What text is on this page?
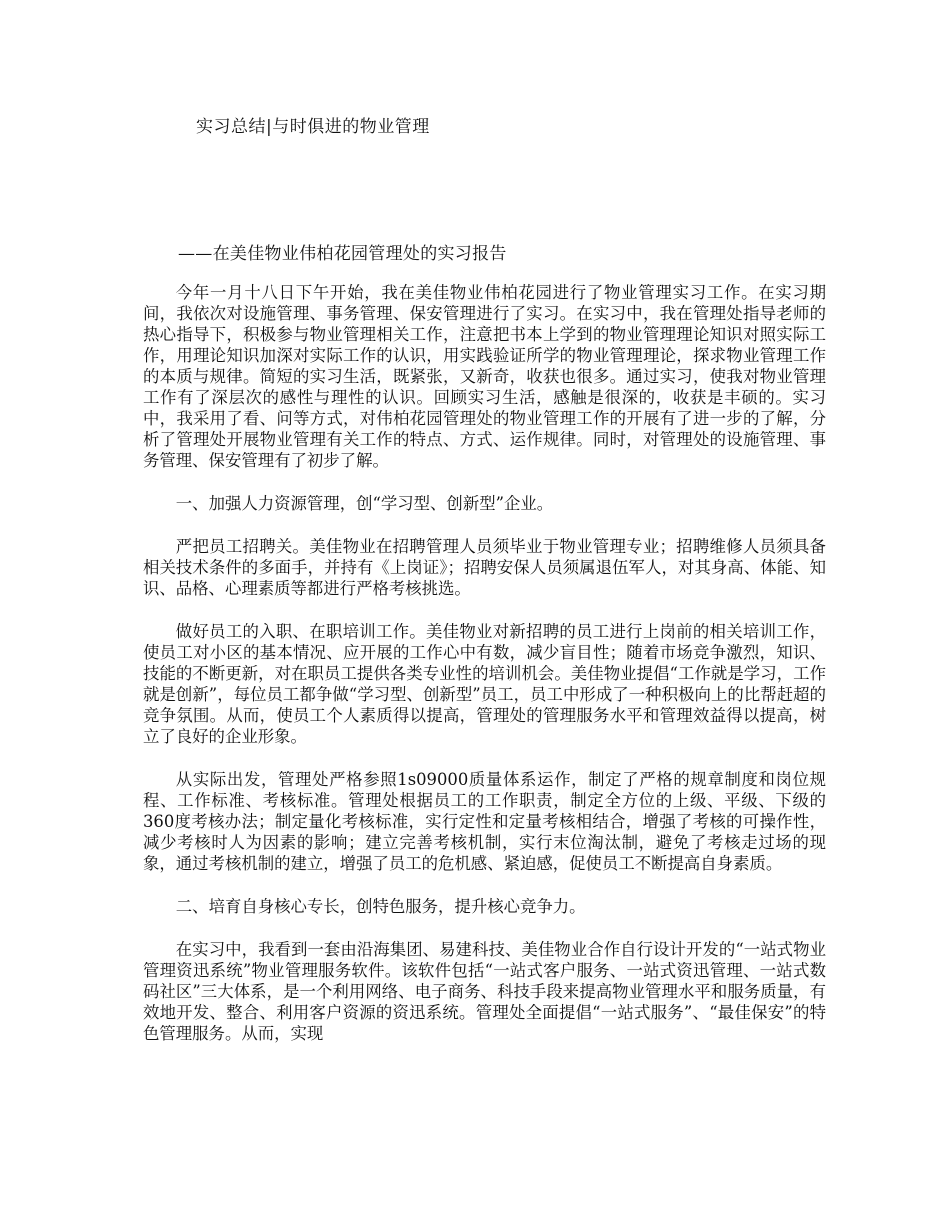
实习总结|与时俱进的物业管理
——在美佳物业伟柏花园管理处的实习报告

今年一月十八日下午开始，我在美佳物业伟柏花园进行了物业管理实习工作。在实习期间，我依次对设施管理、事务管理、保安管理进行了实习。在实习中，我在管理处指导老师的热心指导下，积极参与物业管理相关工作，注意把书本上学到的物业管理理论知识对照实际工作，用理论知识加深对实际工作的认识，用实践验证所学的物业管理理论，探求物业管理工作的本质与规律。简短的实习生活，既紧张，又新奇，收获也很多。通过实习，使我对物业管理工作有了深层次的感性与理性的认识。回顾实习生活，感触是很深的，收获是丰硕的。实习中，我采用了看、问等方式，对伟柏花园管理处的物业管理工作的开展有了进一步的了解，分析了管理处开展物业管理有关工作的特点、方式、运作规律。同时，对管理处的设施管理、事务管理、保安管理有了初步了解。

一、加强人力资源管理，创“学习型、创新型”企业。

严把员工招聘关。美佳物业在招聘管理人员须毕业于物业管理专业；招聘维修人员须具备相关技术条件的多面手，并持有《上岗证》；招聘安保人员须属退伍军人，对其身高、体能、知识、品格、心理素质等都进行严格考核挑选。

做好员工的入职、在职培训工作。美佳物业对新招聘的员工进行上岗前的相关培训工作，使员工对小区的基本情况、应开展的工作心中有数，减少盲目性；随着市场竞争激烈，知识、技能的不断更新，对在职员工提供各类专业性的培训机会。美佳物业提倡“工作就是学习，工作就是创新”，每位员工都争做“学习型、创新型”员工，员工中形成了一种积极向上的比帮赶超的竞争氛围。从而，使员工个人素质得以提高，管理处的管理服务水平和管理效益得以提高，树立了良好的企业形象。

从实际出发，管理处严格参照1s09000质量体系运作，制定了严格的规章制度和岗位规程、工作标准、考核标准。管理处根据员工的工作职责，制定全方位的上级、平级、下级的360度考核办法；制定量化考核标准，实行定性和定量考核相结合，增强了考核的可操作性，减少考核时人为因素的影响；建立完善考核机制，实行末位淘汰制，避免了考核走过场的现象，通过考核机制的建立，增强了员工的危机感、紧迫感，促使员工不断提高自身素质。

二、培育自身核心专长，创特色服务，提升核心竞争力。

在实习中，我看到一套由沿海集团、易建科技、美佳物业合作自行设计开发的“一站式物业管理资迅系统”物业管理服务软件。该软件包括“一站式客户服务、一站式资迅管理、一站式数码社区”三大体系，是一个利用网络、电子商务、科技手段来提高物业管理水平和服务质量，有效地开发、整合、利用客户资源的资迅系统。管理处全面提倡“一站式服务”、“最佳保安”的特色管理服务。从而，实现
